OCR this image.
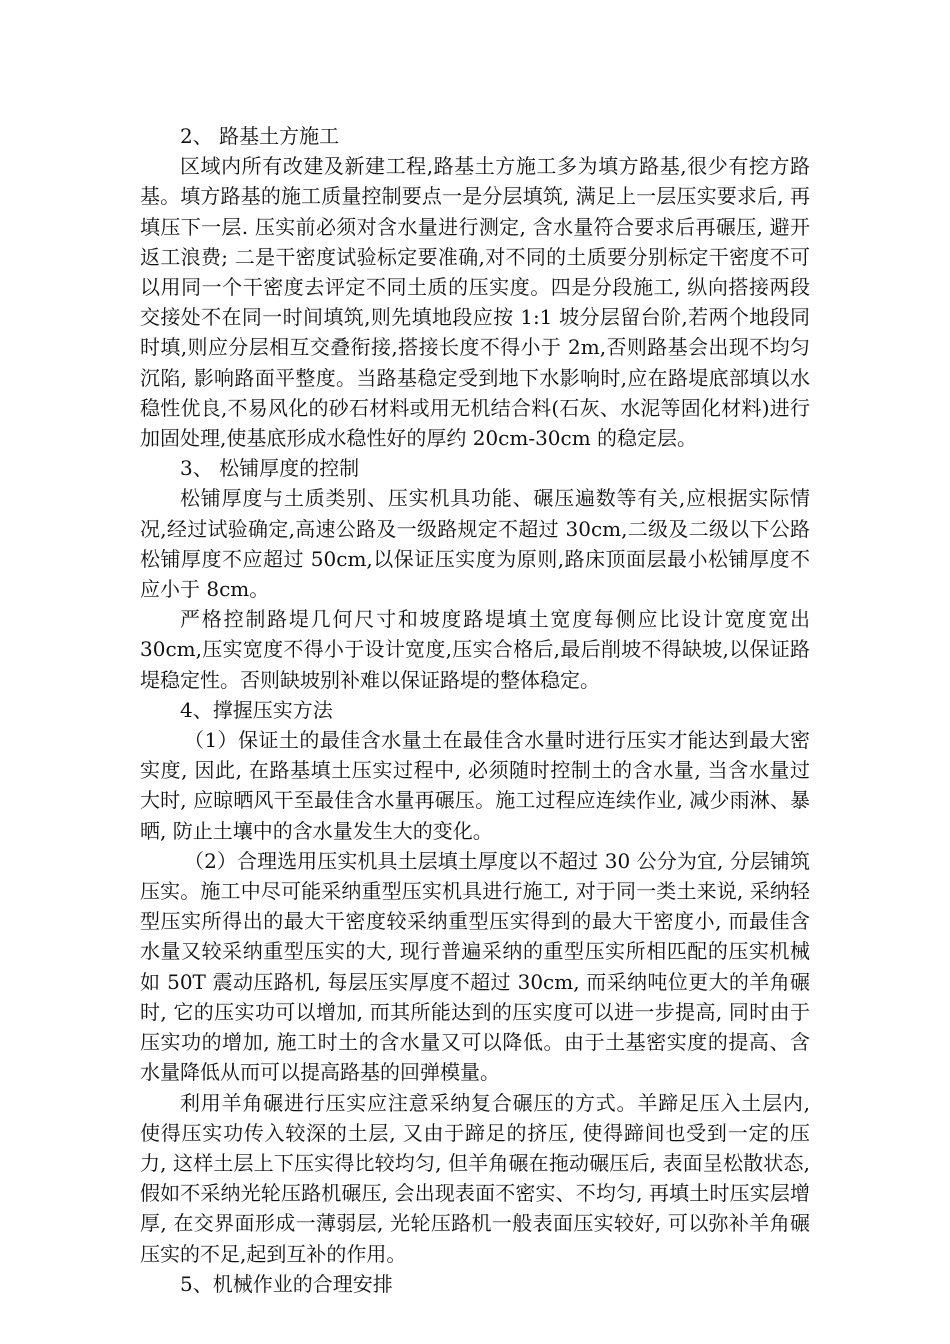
2、 路基土方施工

区域内所有改建及新建工程,路基土方施工多为填方路基,很少有挖方路基。填方路基的施工质量控制要点一是分层填筑, 满足上一层压实要求后, 再填压下一层. 压实前必须对含水量进行测定, 含水量符合要求后再碾压, 避开返工浪费; 二是干密度试验标定要准确,对不同的土质要分别标定干密度不可以用同一个干密度去评定不同土质的压实度。四是分段施工, 纵向搭接两段交接处不在同一时间填筑,则先填地段应按 1:1 坡分层留台阶,若两个地段同时填,则应分层相互交叠衔接,搭接长度不得小于 2m,否则路基会出现不均匀沉陷, 影响路面平整度。当路基稳定受到地下水影响时,应在路堤底部填以水稳性优良,不易风化的砂石材料或用无机结合料(石灰、水泥等固化材料)进行加固处理,使基底形成水稳性好的厚约 20cm-30cm 的稳定层。

3、 松铺厚度的控制

松铺厚度与土质类别、压实机具功能、碾压遍数等有关,应根据实际情况,经过试验确定,高速公路及一级路规定不超过 30cm,二级及二级以下公路松铺厚度不应超过 50cm,以保证压实度为原则,路床顶面层最小松铺厚度不应小于 8cm。

严格控制路堤几何尺寸和坡度路堤填土宽度每侧应比设计宽度宽出 30cm,压实宽度不得小于设计宽度,压实合格后,最后削坡不得缺坡,以保证路堤稳定性。否则缺坡别补难以保证路堤的整体稳定。

4、撑握压实方法

（1）保证土的最佳含水量土在最佳含水量时进行压实才能达到最大密实度, 因此, 在路基填土压实过程中, 必须随时控制土的含水量, 当含水量过大时, 应晾晒风干至最佳含水量再碾压。施工过程应连续作业, 减少雨淋、暴晒, 防止土壤中的含水量发生大的变化。

（2）合理选用压实机具土层填土厚度以不超过 30 公分为宜, 分层铺筑压实。施工中尽可能采纳重型压实机具进行施工, 对于同一类土来说, 采纳轻型压实所得出的最大干密度较采纳重型压实得到的最大干密度小, 而最佳含水量又较采纳重型压实的大, 现行普遍采纳的重型压实所相匹配的压实机械如 50T 震动压路机, 每层压实厚度不超过 30cm, 而采纳吨位更大的羊角碾时, 它的压实功可以增加, 而其所能达到的压实度可以进一步提高, 同时由于压实功的增加, 施工时土的含水量又可以降低。由于土基密实度的提高、含水量降低从而可以提高路基的回弹模量。

利用羊角碾进行压实应注意采纳复合碾压的方式。羊蹄足压入土层内, 使得压实功传入较深的土层, 又由于蹄足的挤压, 使得蹄间也受到一定的压力, 这样土层上下压实得比较均匀, 但羊角碾在拖动碾压后, 表面呈松散状态, 假如不采纳光轮压路机碾压, 会出现表面不密实、不均匀, 再填土时压实层增厚, 在交界面形成一薄弱层, 光轮压路机一般表面压实较好, 可以弥补羊角碾压实的不足,起到互补的作用。

5、机械作业的合理安排
